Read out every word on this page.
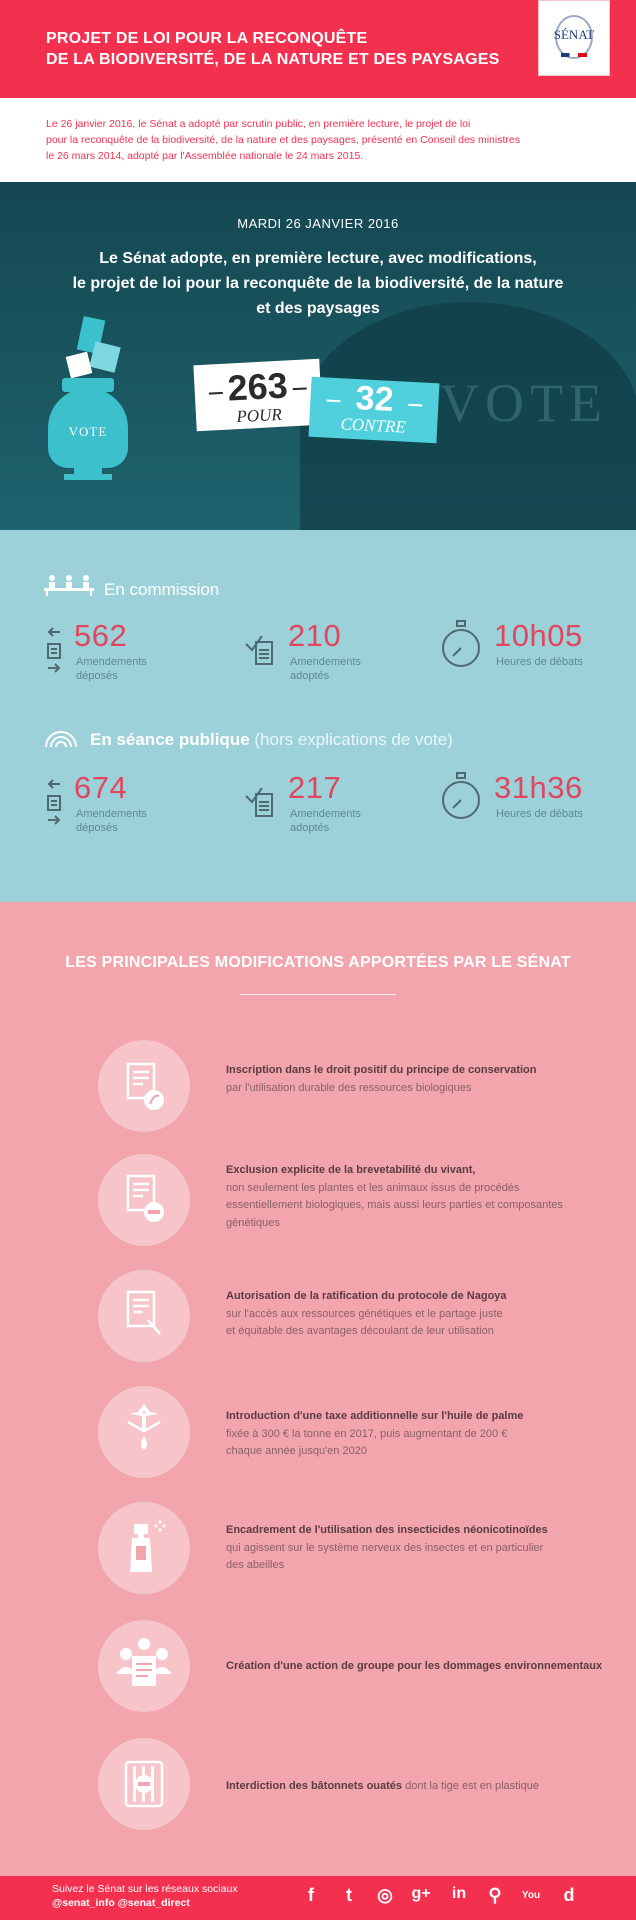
PROJET DE LOI POUR LA RECONQUÊTE
DE LA BIODIVERSITÉ, DE LA NATURE ET DES PAYSAGES
SÉNAT
Le 26 janvier 2016, le Sénat a adopté par scrutin public, en première lecture, le projet de loi
pour la reconquête de la biodiversité, de la nature et des paysages, présenté en Conseil des ministres
le 26 mars 2014, adopté par l'Assemblée nationale le 24 mars 2015.
VOTE
MARDI 26 JANVIER 2016
Le Sénat adopte, en première lecture, avec modifications,
le projet de loi pour la reconquête de la biodiversité, de la nature
et des paysages
VOTE
263
POUR	32
CONTRE
En commission
562
Amendements
déposés
210
Amendements
adoptés
10h05
Heures de débats
En séance publique (hors explications de vote)
674
Amendements
déposés
217
Amendements
adoptés
31h36
Heures de débats
LES PRINCIPALES MODIFICATIONS APPORTÉES PAR LE SÉNAT
Inscription dans le droit positif du principe de conservation
par l'utilisation durable des ressources biologiques
Exclusion explicite de la brevetabilité du vivant,
non seulement les plantes et les animaux issus de procédés
essentiellement biologiques, mais aussi leurs parties et composantes
génétiques
Autorisation de la ratification du protocole de Nagoya
sur l'accès aux ressources génétiques et le partage juste
et équitable des avantages découlant de leur utilisation
Introduction d'une taxe additionnelle sur l'huile de palme
fixée à 300 € la tonne en 2017, puis augmentant de 200 €
chaque année jusqu'en 2020
Encadrement de l'utilisation des insecticides néonicotinoïdes
qui agissent sur le système nerveux des insectes et en particulier
des abeilles
Création d'une action de groupe pour les dommages environnementaux
Interdiction des bâtonnets ouatés dont la tige est en plastique
Suivez le Sénat sur les réseaux sociaux
@senat_info @senat_direct	f	t	◎	g+	in	⚲	You	d
